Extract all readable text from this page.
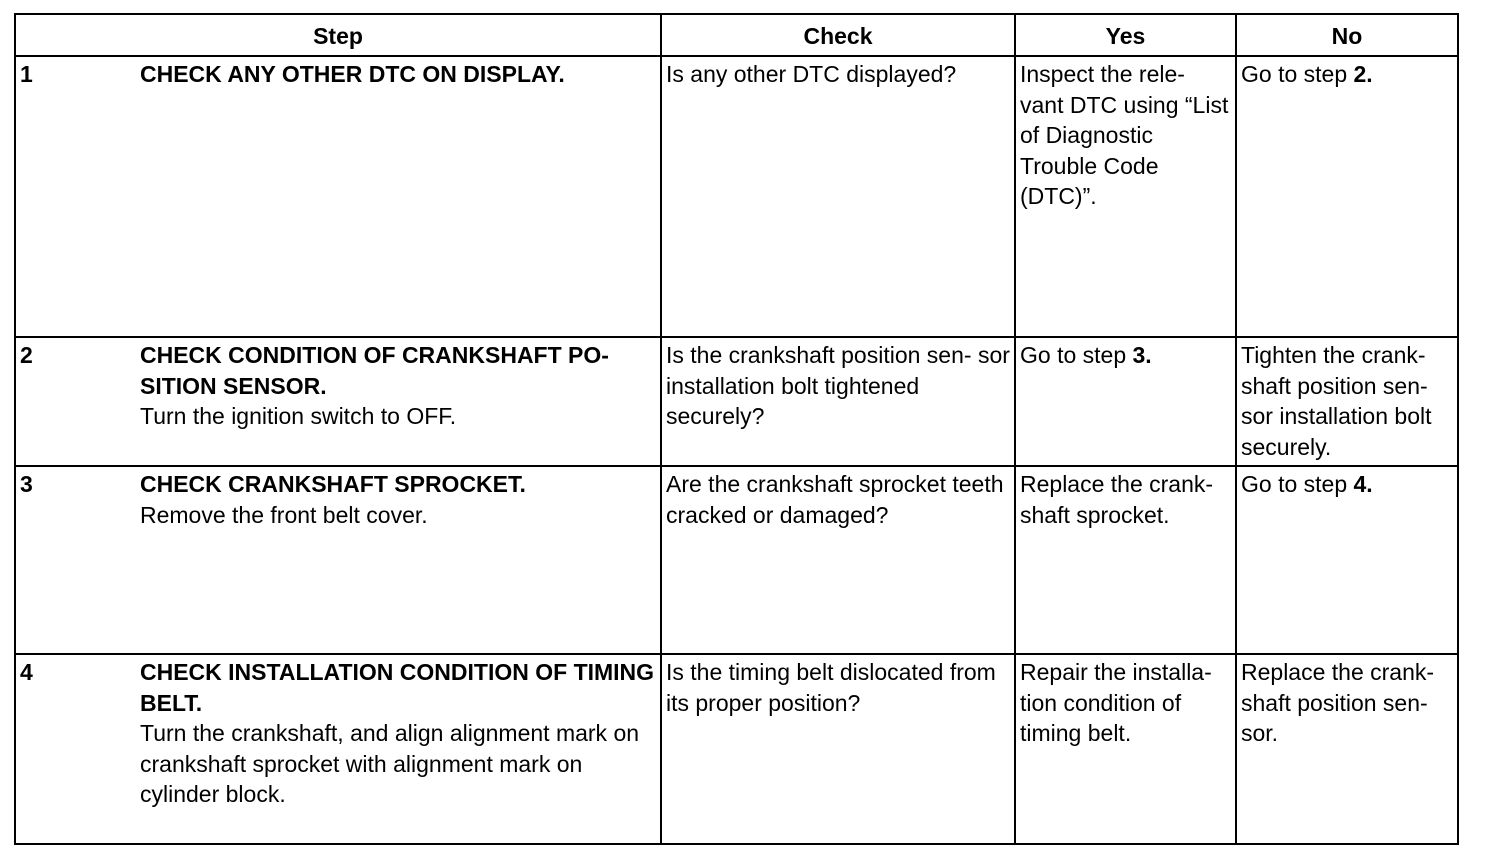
Step	Check	Yes	No

1 CHECK ANY OTHER DTC ON DISPLAY.	Is any other DTC displayed?	Inspect the rele- vant DTC using “List of Diagnostic Trouble Code (DTC)”.	Go to step 2.

2 CHECK CONDITION OF CRANKSHAFT PO- SITION SENSOR.
Turn the ignition switch to OFF.	Is the crankshaft position sen- sor installation bolt tightened securely?	Go to step 3.	Tighten the crank- shaft position sen- sor installation bolt securely.

3 CHECK CRANKSHAFT SPROCKET.
Remove the front belt cover.	Are the crankshaft sprocket teeth cracked or damaged?	Replace the crank- shaft sprocket.	Go to step 4.

4 CHECK INSTALLATION CONDITION OF TIMING BELT.
Turn the crankshaft, and align alignment mark on crankshaft sprocket with alignment mark on cylinder block.	Is the timing belt dislocated from its proper position?	Repair the installa- tion condition of timing belt.	Replace the crank- shaft position sen- sor.
